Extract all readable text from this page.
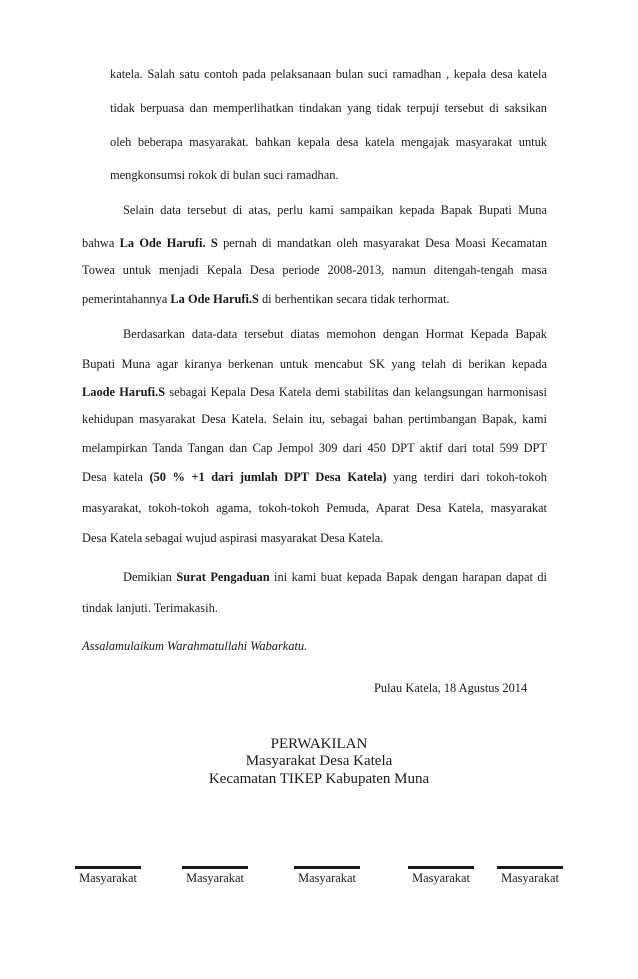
katela. Salah satu contoh pada pelaksanaan bulan suci ramadhan , kepala desa katela
tidak berpuasa dan memperlihatkan tindakan yang tidak terpuji tersebut di saksikan
oleh beberapa masyarakat. bahkan kepala desa katela mengajak masyarakat untuk
mengkonsumsi rokok di bulan suci ramadhan.
Selain data tersebut di atas, perlu kami sampaikan kepada Bapak Bupati Muna
bahwa La Ode Harufi. S pernah di mandatkan oleh masyarakat Desa Moasi Kecamatan
Towea untuk menjadi Kepala Desa periode 2008-2013, namun ditengah-tengah masa
pemerintahannya La Ode Harufi.S di berhentikan secara tidak terhormat.
Berdasarkan data-data tersebut diatas memohon dengan Hormat Kepada Bapak
Bupati Muna agar kiranya berkenan untuk mencabut SK yang telah di berikan kepada
Laode Harufi.S sebagai Kepala Desa Katela demi stabilitas dan kelangsungan harmonisasi
kehidupan masyarakat Desa Katela. Selain itu, sebagai bahan pertimbangan Bapak, kami
melampirkan Tanda Tangan dan Cap Jempol 309 dari 450 DPT aktif dari total 599 DPT
Desa katela (50 % +1 dari jumlah DPT Desa Katela) yang terdiri dari tokoh-tokoh
masyarakat, tokoh-tokoh agama, tokoh-tokoh Pemuda, Aparat Desa Katela, masyarakat
Desa Katela sebagai wujud aspirasi masyarakat Desa Katela.
Demikian Surat Pengaduan ini kami buat kepada Bapak dengan harapan dapat di
tindak lanjuti. Terimakasih.
Assalamulaikum Warahmatullahi Wabarkatu.
Pulau Katela, 18 Agustus 2014
PERWAKILAN
Masyarakat Desa Katela
Kecamatan TIKEP Kabupaten Muna
Masyarakat	Masyarakat	Masyarakat	Masyarakat	Masyarakat
